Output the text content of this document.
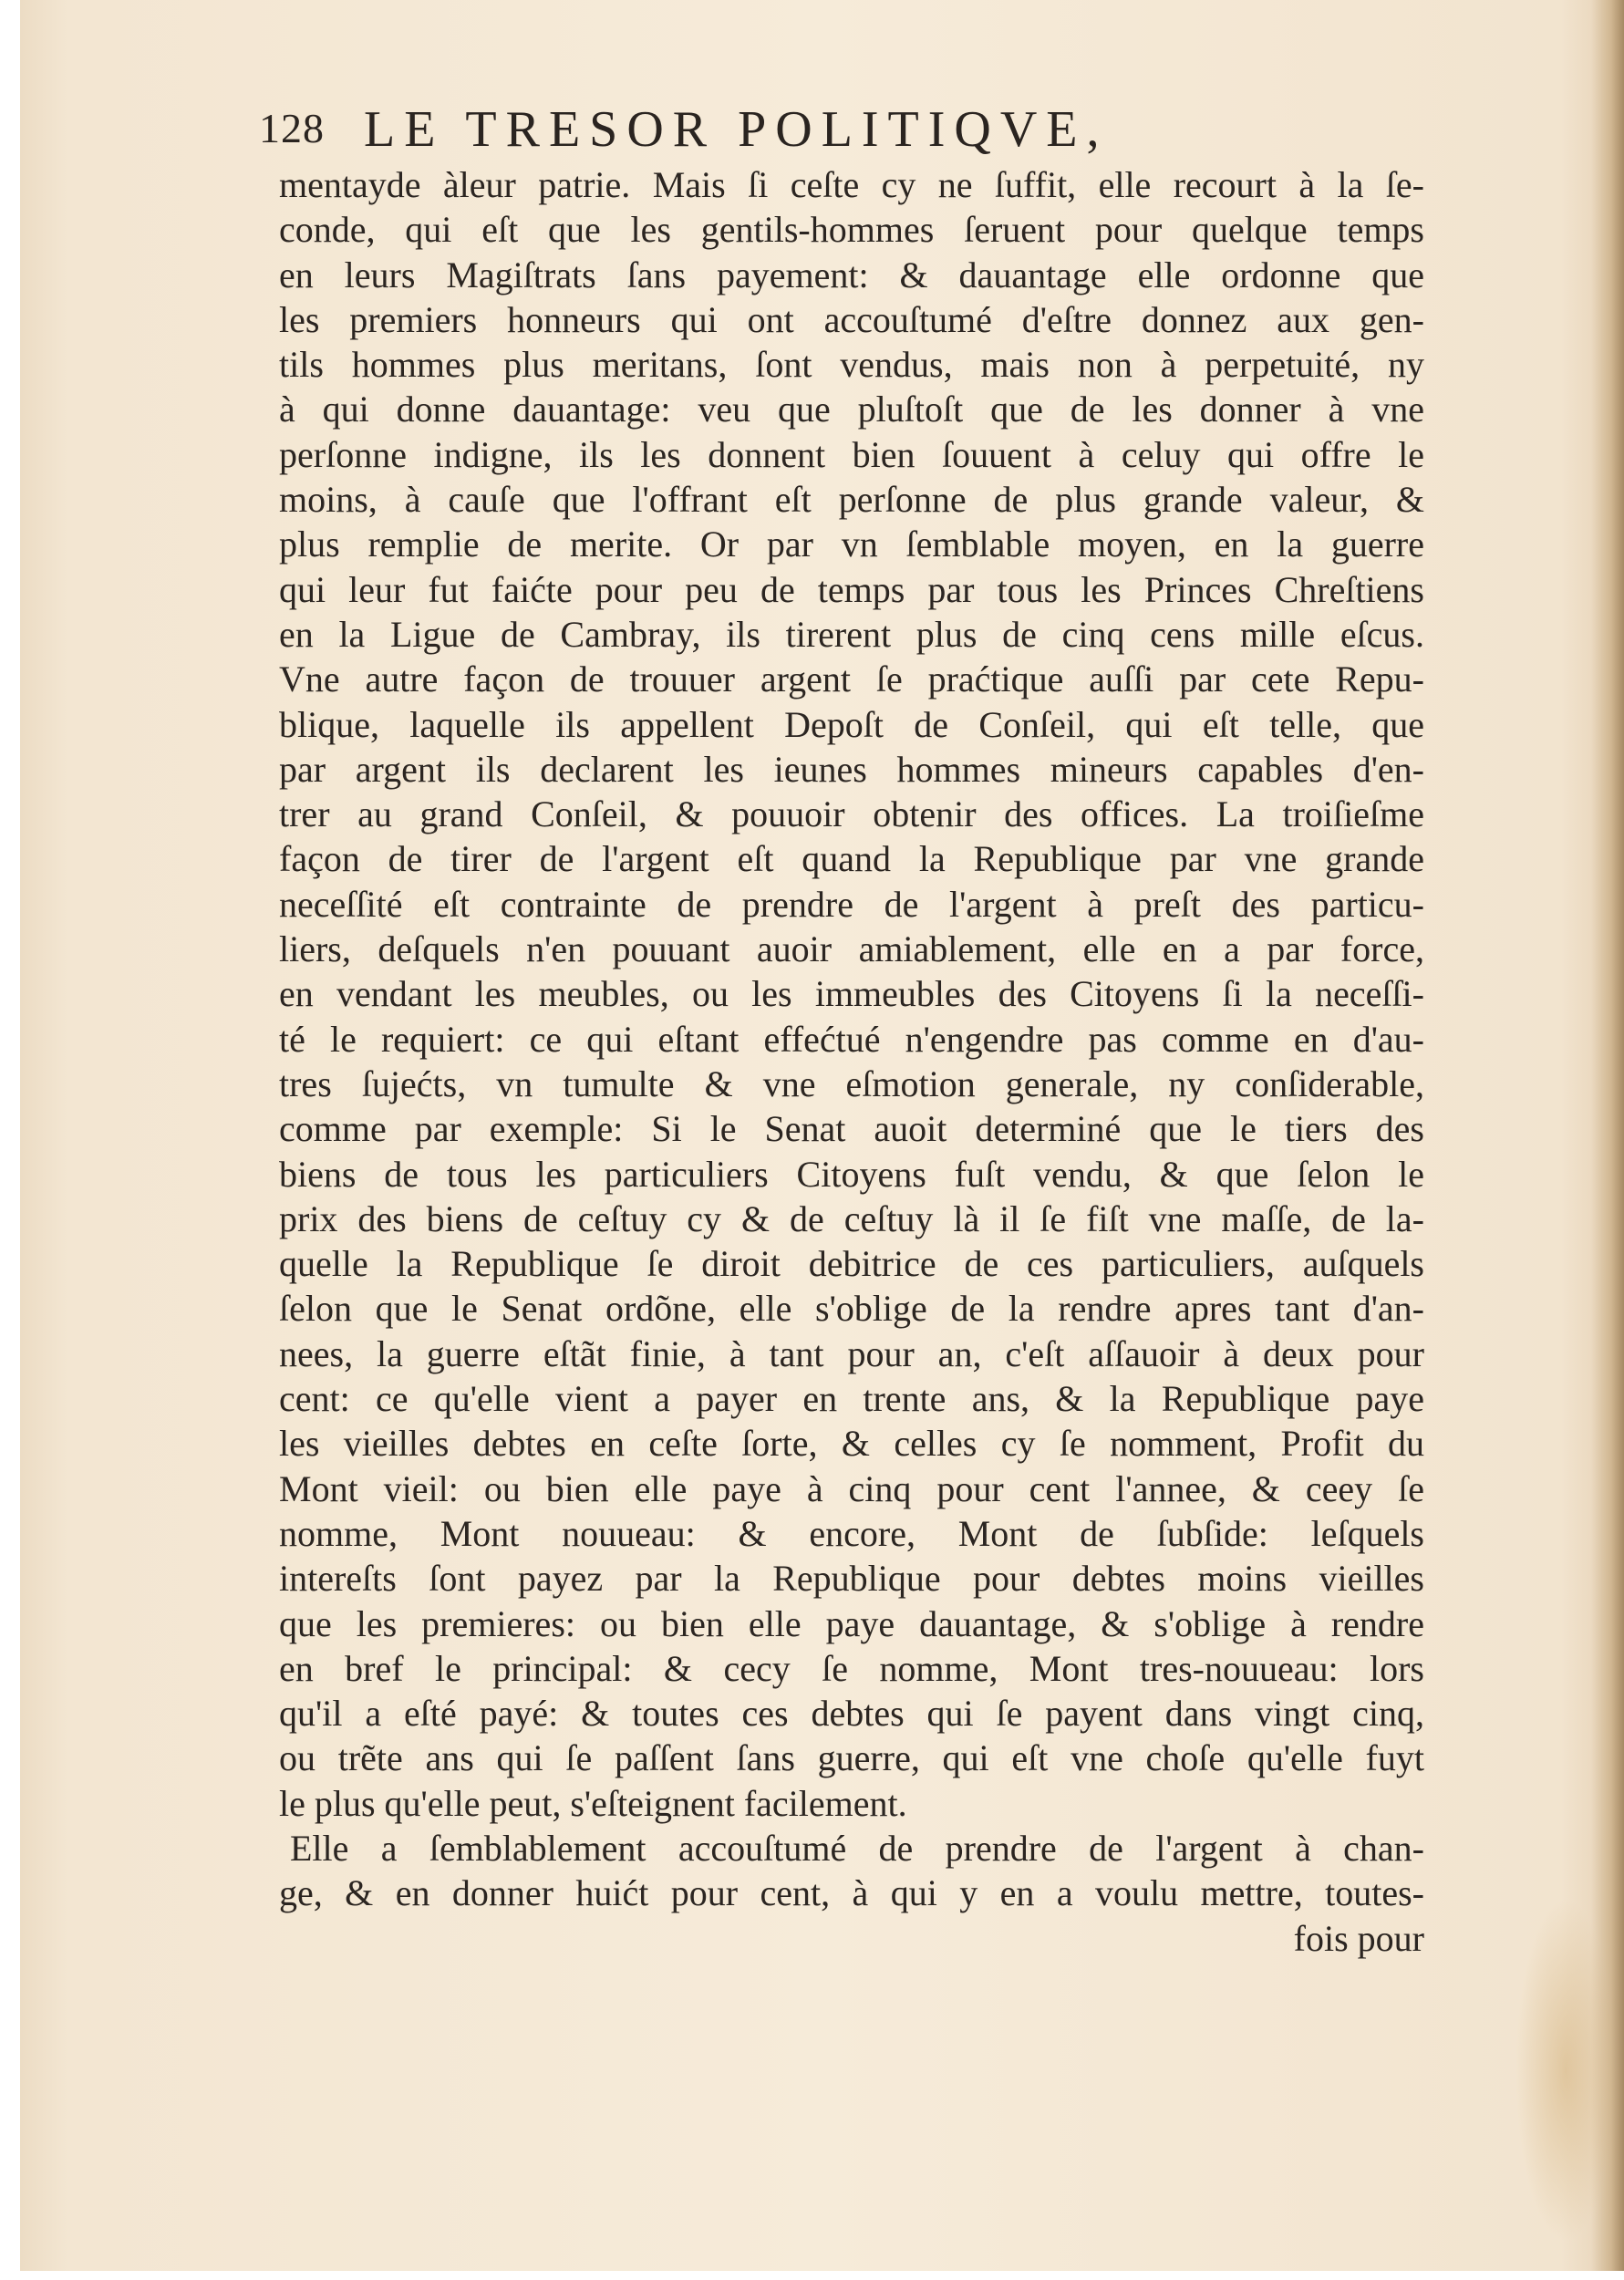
128 LE TRESOR POLITIQVE,
mentayde àleur patrie. Mais ſi ceſte cy ne ſuffit, elle recourt à la ſe-
conde, qui eſt que les gentils-hommes ſeruent pour quelque temps
en leurs Magiſtrats ſans payement: & dauantage elle ordonne que
les premiers honneurs qui ont accouſtumé d'eſtre donnez aux gen-
tils hommes plus meritans, ſont vendus, mais non à perpetuité, ny
à qui donne dauantage: veu que pluſtoſt que de les donner à vne
perſonne indigne, ils les donnent bien ſouuent à celuy qui offre le
moins, à cauſe que l'offrant eſt perſonne de plus grande valeur, &
plus remplie de merite. Or par vn ſemblable moyen, en la guerre
qui leur fut faićte pour peu de temps par tous les Princes Chreſtiens
en la Ligue de Cambray, ils tirerent plus de cinq cens mille eſcus.
Vne autre façon de trouuer argent ſe praćtique auſſi par cete Repu-
blique, laquelle ils appellent Depoſt de Conſeil, qui eſt telle, que
par argent ils declarent les ieunes hommes mineurs capables d'en-
trer au grand Conſeil, & pouuoir obtenir des offices. La troiſieſme
façon de tirer de l'argent eſt quand la Republique par vne grande
neceſſité eſt contrainte de prendre de l'argent à preſt des particu-
liers, deſquels n'en pouuant auoir amiablement, elle en a par force,
en vendant les meubles, ou les immeubles des Citoyens ſi la neceſſi-
té le requiert: ce qui eſtant effećtué n'engendre pas comme en d'au-
tres ſujećts, vn tumulte & vne eſmotion generale, ny conſiderable,
comme par exemple: Si le Senat auoit determiné que le tiers des
biens de tous les particuliers Citoyens fuſt vendu, & que ſelon le
prix des biens de ceſtuy cy & de ceſtuy là il ſe fiſt vne maſſe, de la-
quelle la Republique ſe diroit debitrice de ces particuliers, auſquels
ſelon que le Senat ordõne, elle s'oblige de la rendre apres tant d'an-
nees, la guerre eſtãt finie, à tant pour an, c'eſt aſſauoir à deux pour
cent: ce qu'elle vient a payer en trente ans, & la Republique paye
les vieilles debtes en ceſte ſorte, & celles cy ſe nomment, Profit du
Mont vieil: ou bien elle paye à cinq pour cent l'annee, & ceey ſe
nomme, Mont nouueau: & encore, Mont de ſubſide: leſquels
intereſts ſont payez par la Republique pour debtes moins vieilles
que les premieres: ou bien elle paye dauantage, & s'oblige à rendre
en bref le principal: & cecy ſe nomme, Mont tres-nouueau: lors
qu'il a eſté payé: & toutes ces debtes qui ſe payent dans vingt cinq,
ou trẽte ans qui ſe paſſent ſans guerre, qui eſt vne choſe qu'elle fuyt
le plus qu'elle peut, s'eſteignent facilement.
Elle a ſemblablement accouſtumé de prendre de l'argent à chan-
ge, & en donner huićt pour cent, à qui y en a voulu mettre, toutes-
fois pour
